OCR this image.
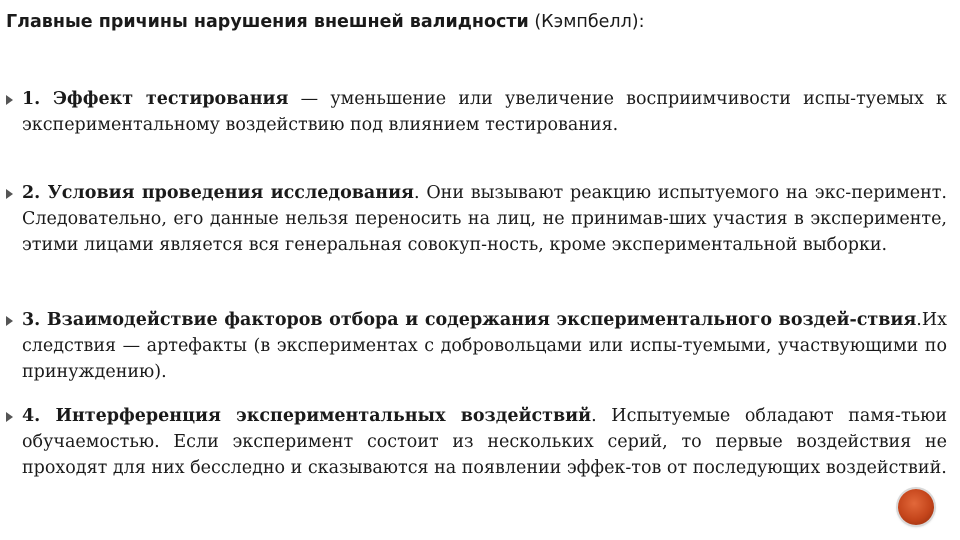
Главные причины нарушения внешней валидности (Кэмпбелл):
1. Эффект тестирования — уменьшение или увеличение восприимчивости испы-туемых к экспериментальному воздействию под влиянием тестирования.
2. Условия проведения исследования. Они вызывают реакцию испытуемого на экс-перимент. Следовательно, его данные нельзя переносить на лиц, не принимав-ших участия в эксперименте, этими лицами является вся генеральная совокуп-ность, кроме экспериментальной выборки.
3. Взаимодействие факторов отбора и содержания экспериментального воздей-ствия.Их следствия — артефакты (в экспериментах с добровольцами или испы-туемыми, участвующими по принуждению).
4. Интерференция экспериментальных воздействий. Испытуемые обладают памя-тьюи обучаемостью. Если эксперимент состоит из нескольких серий, то первые воздействия не проходят для них бесследно и сказываются на появлении эффек-тов от последующих воздействий.
